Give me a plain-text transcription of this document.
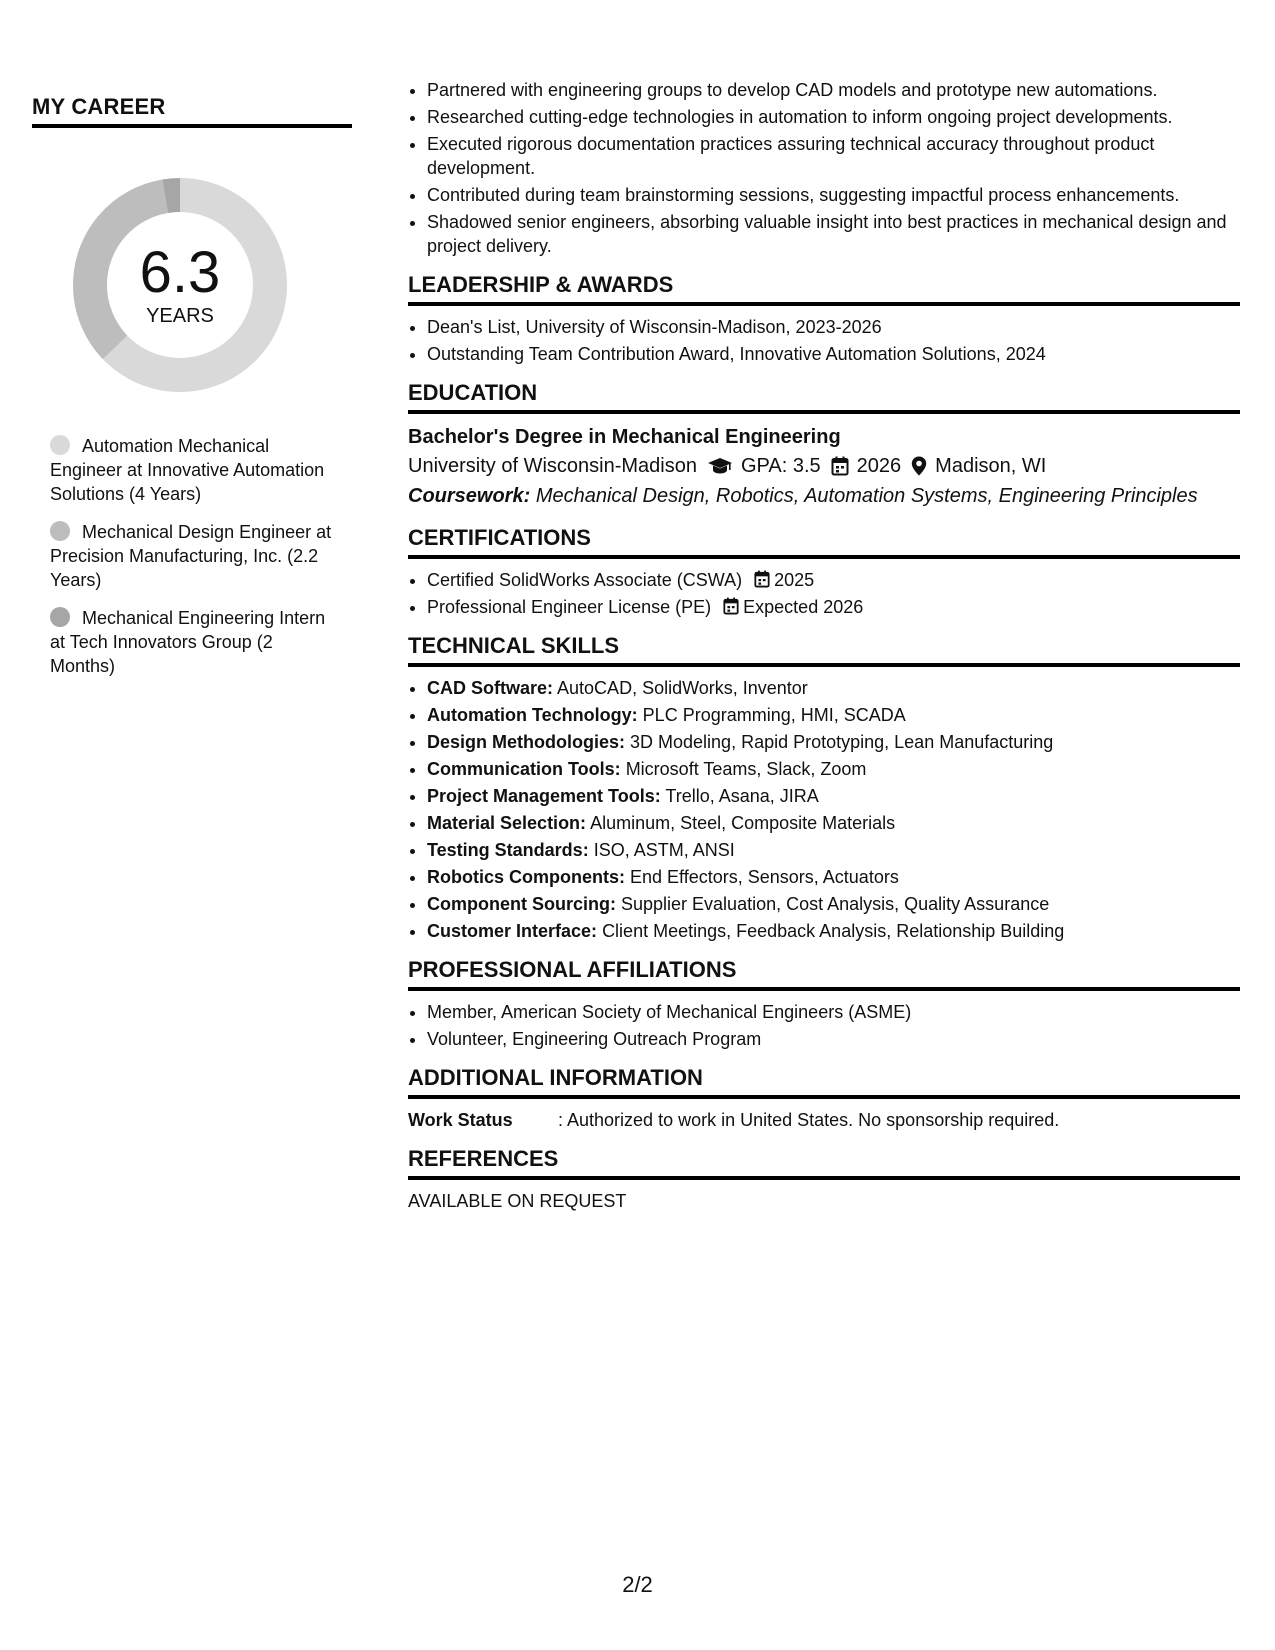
MY CAREER
6.3
YEARS
Automation Mechanical Engineer at Innovative Automation Solutions (4 Years)
Mechanical Design Engineer at Precision Manufacturing, Inc. (2.2 Years)
Mechanical Engineering Intern at Tech Innovators Group (2 Months)
• Partnered with engineering groups to develop CAD models and prototype new automations.
• Researched cutting-edge technologies in automation to inform ongoing project developments.
• Executed rigorous documentation practices assuring technical accuracy throughout product development.
• Contributed during team brainstorming sessions, suggesting impactful process enhancements.
• Shadowed senior engineers, absorbing valuable insight into best practices in mechanical design and project delivery.
LEADERSHIP & AWARDS
• Dean's List, University of Wisconsin-Madison, 2023-2026
• Outstanding Team Contribution Award, Innovative Automation Solutions, 2024
EDUCATION
Bachelor's Degree in Mechanical Engineering
University of Wisconsin-Madison GPA: 3.5 2026 Madison, WI
Coursework: Mechanical Design, Robotics, Automation Systems, Engineering Principles
CERTIFICATIONS
• Certified SolidWorks Associate (CSWA) 2025
• Professional Engineer License (PE) Expected 2026
TECHNICAL SKILLS
• CAD Software: AutoCAD, SolidWorks, Inventor
• Automation Technology: PLC Programming, HMI, SCADA
• Design Methodologies: 3D Modeling, Rapid Prototyping, Lean Manufacturing
• Communication Tools: Microsoft Teams, Slack, Zoom
• Project Management Tools: Trello, Asana, JIRA
• Material Selection: Aluminum, Steel, Composite Materials
• Testing Standards: ISO, ASTM, ANSI
• Robotics Components: End Effectors, Sensors, Actuators
• Component Sourcing: Supplier Evaluation, Cost Analysis, Quality Assurance
• Customer Interface: Client Meetings, Feedback Analysis, Relationship Building
PROFESSIONAL AFFILIATIONS
• Member, American Society of Mechanical Engineers (ASME)
• Volunteer, Engineering Outreach Program
ADDITIONAL INFORMATION
Work Status	: Authorized to work in United States. No sponsorship required.
REFERENCES
AVAILABLE ON REQUEST
2/2
